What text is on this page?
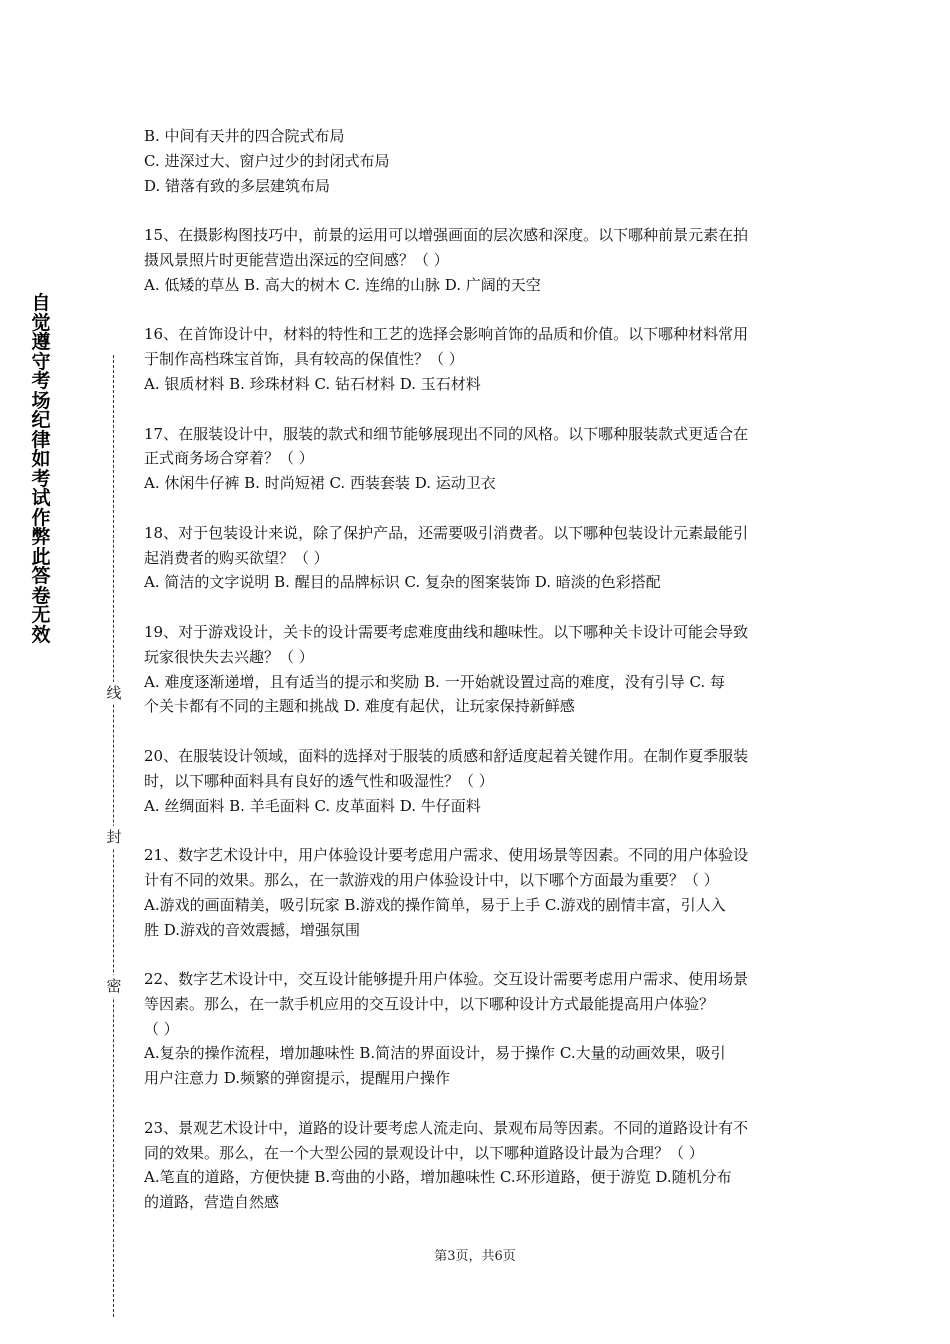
自觉遵守考场纪律如考试作弊此答卷无效
线
封
密

B. 中间有天井的四合院式布局

C. 进深过大、窗户过少的封闭式布局

D. 错落有致的多层建筑布局

15、在摄影构图技巧中，前景的运用可以增强画面的层次感和深度。以下哪种前景元素在拍

摄风景照片时更能营造出深远的空间感？（ ）

A. 低矮的草丛 B. 高大的树木 C. 连绵的山脉 D. 广阔的天空

16、在首饰设计中，材料的特性和工艺的选择会影响首饰的品质和价值。以下哪种材料常用

于制作高档珠宝首饰，具有较高的保值性？（ ）

A. 银质材料 B. 珍珠材料 C. 钻石材料 D. 玉石材料

17、在服装设计中，服装的款式和细节能够展现出不同的风格。以下哪种服装款式更适合在

正式商务场合穿着？（ ）

A. 休闲牛仔裤 B. 时尚短裙 C. 西装套装 D. 运动卫衣

18、对于包装设计来说，除了保护产品，还需要吸引消费者。以下哪种包装设计元素最能引

起消费者的购买欲望？（ ）

A. 简洁的文字说明 B. 醒目的品牌标识 C. 复杂的图案装饰 D. 暗淡的色彩搭配

19、对于游戏设计，关卡的设计需要考虑难度曲线和趣味性。以下哪种关卡设计可能会导致

玩家很快失去兴趣？（ ）

A. 难度逐渐递增，且有适当的提示和奖励 B. 一开始就设置过高的难度，没有引导 C. 每

个关卡都有不同的主题和挑战 D. 难度有起伏，让玩家保持新鲜感

20、在服装设计领域，面料的选择对于服装的质感和舒适度起着关键作用。在制作夏季服装

时，以下哪种面料具有良好的透气性和吸湿性？（ ）

A. 丝绸面料 B. 羊毛面料 C. 皮革面料 D. 牛仔面料

21、数字艺术设计中，用户体验设计要考虑用户需求、使用场景等因素。不同的用户体验设

计有不同的效果。那么，在一款游戏的用户体验设计中，以下哪个方面最为重要？（ ）

A.游戏的画面精美，吸引玩家 B.游戏的操作简单，易于上手 C.游戏的剧情丰富，引人入

胜 D.游戏的音效震撼，增强氛围

22、数字艺术设计中，交互设计能够提升用户体验。交互设计需要考虑用户需求、使用场景

等因素。那么，在一款手机应用的交互设计中，以下哪种设计方式最能提高用户体验？

（ ）

A.复杂的操作流程，增加趣味性 B.简洁的界面设计，易于操作 C.大量的动画效果，吸引

用户注意力 D.频繁的弹窗提示，提醒用户操作

23、景观艺术设计中，道路的设计要考虑人流走向、景观布局等因素。不同的道路设计有不

同的效果。那么，在一个大型公园的景观设计中，以下哪种道路设计最为合理？（ ）

A.笔直的道路，方便快捷 B.弯曲的小路，增加趣味性 C.环形道路，便于游览 D.随机分布

的道路，营造自然感

第3页，共6页
